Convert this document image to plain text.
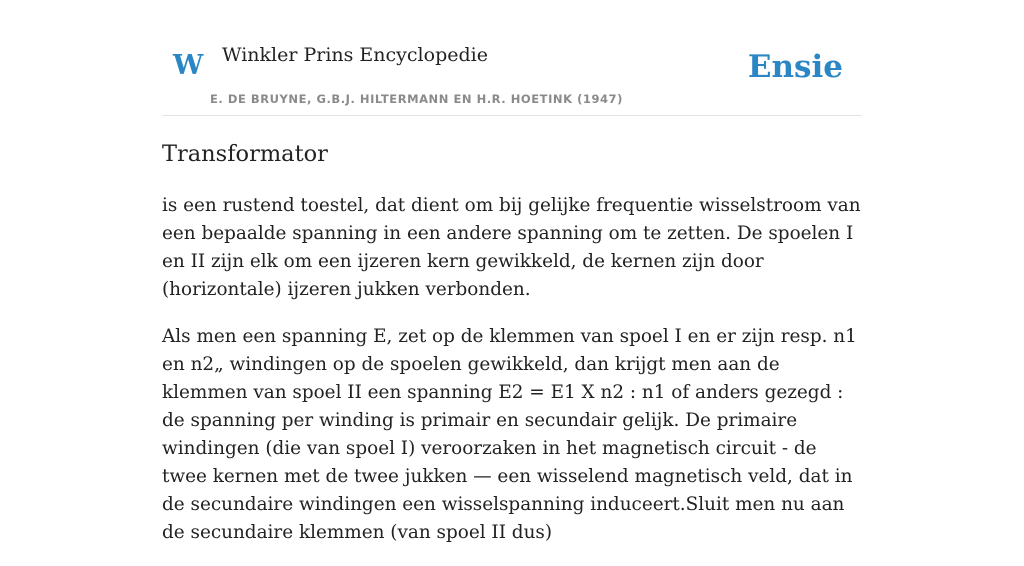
W Winkler Prins Encyclopedie
E. DE BRUYNE, G.B.J. HILTERMANN EN H.R. HOETINK (1947)
Ensie
Transformator

is een rustend toestel, dat dient om bij gelijke frequentie wisselstroom van een bepaalde spanning in een andere spanning om te zetten. De spoelen I en II zijn elk om een ijzeren kern gewikkeld, de kernen zijn door (horizontale) ijzeren jukken verbonden.

Als men een spanning E, zet op de klemmen van spoel I en er zijn resp. n1 en n2„ windingen op de spoelen gewikkeld, dan krijgt men aan de klemmen van spoel II een spanning E2 = E1 X n2 : n1 of anders gezegd : de spanning per winding is primair en secundair gelijk. De primaire windingen (die van spoel I) veroorzaken in het magnetisch circuit - de twee kernen met de twee jukken — een wisselend magnetisch veld, dat in de secundaire windingen een wisselspanning induceert.Sluit men nu aan de secundaire klemmen (van spoel II dus)
